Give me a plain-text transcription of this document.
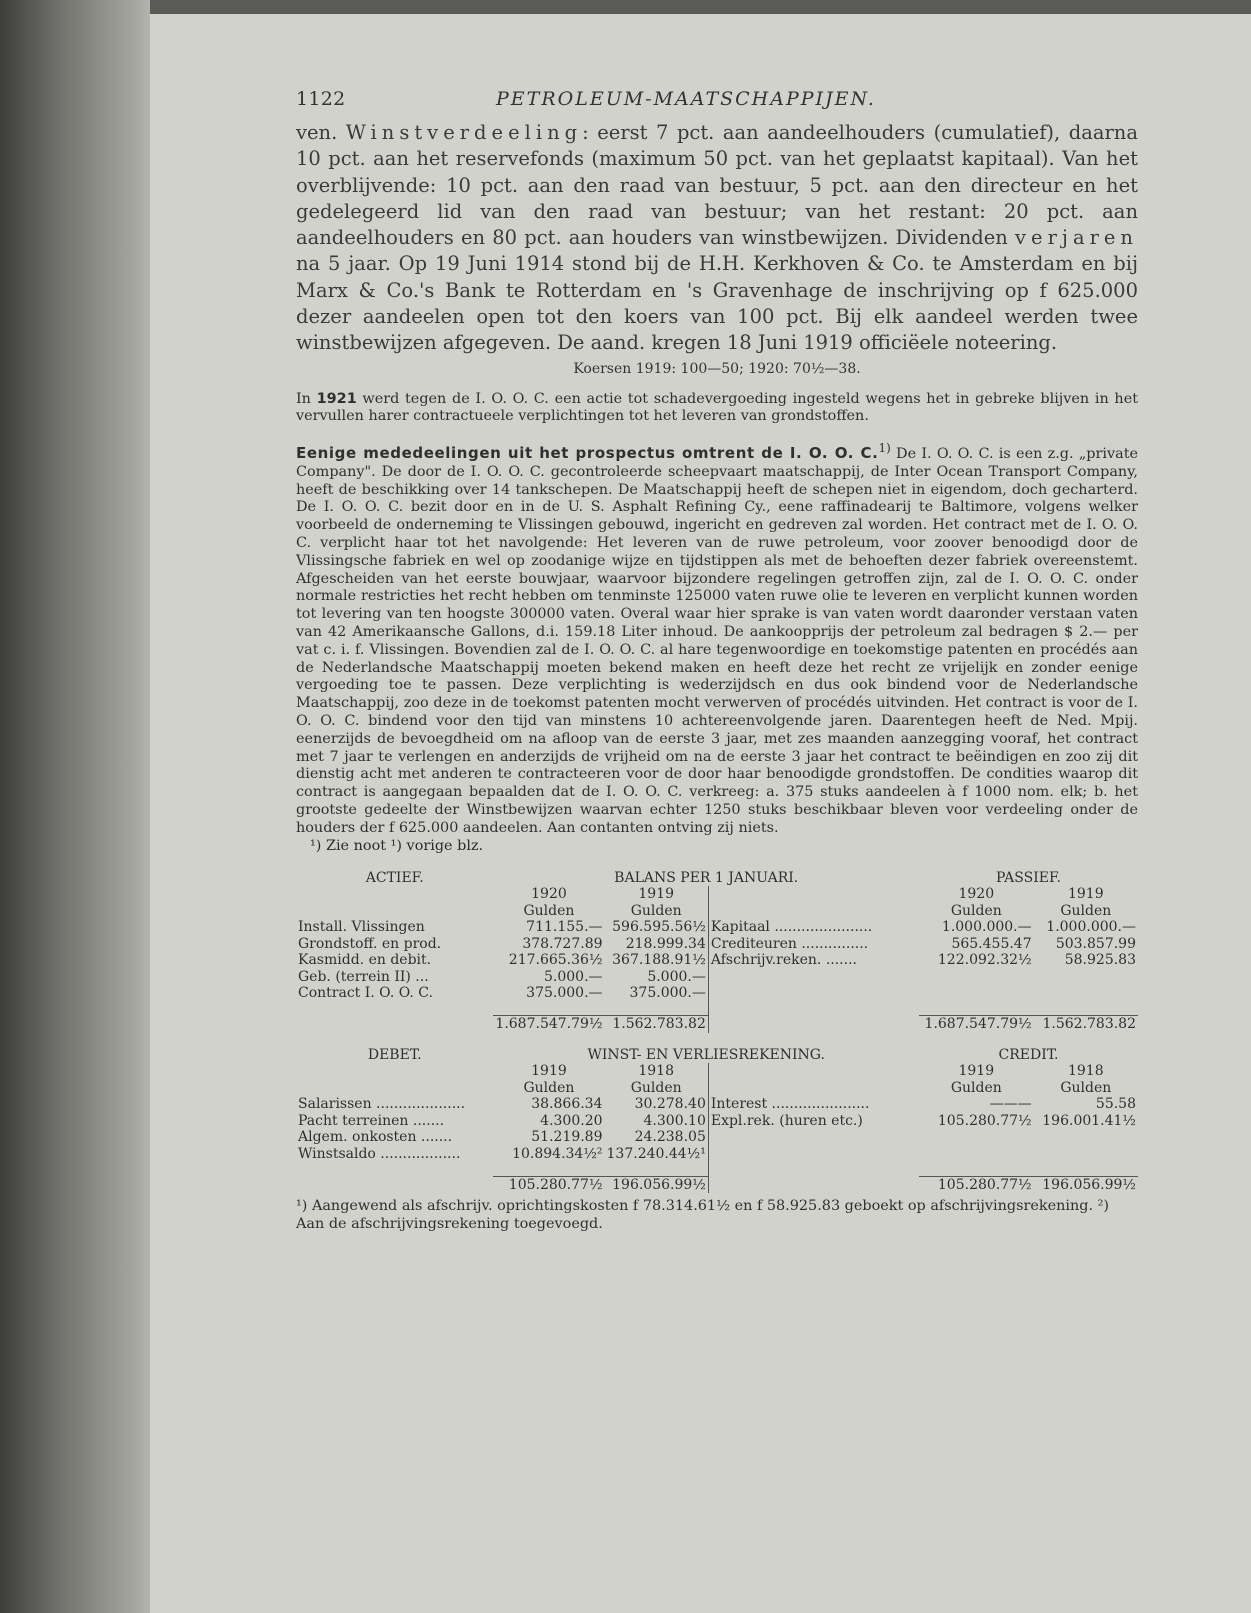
1122	PETROLEUM-MAATSCHAPPIJEN.

ven. Winstverdeeling: eerst 7 pct. aan aandeelhouders (cumulatief), daarna 10 pct. aan het reservefonds (maximum 50 pct. van het geplaatst kapitaal). Van het overblijvende: 10 pct. aan den raad van bestuur, 5 pct. aan den directeur en het gedelegeerd lid van den raad van bestuur; van het restant: 20 pct. aan aandeelhouders en 80 pct. aan houders van winstbewijzen. Dividenden verjaren na 5 jaar. Op 19 Juni 1914 stond bij de H.H. Kerkhoven & Co. te Amsterdam en bij Marx & Co.'s Bank te Rotterdam en 's Gravenhage de inschrijving op f 625.000 dezer aandeelen open tot den koers van 100 pct. Bij elk aandeel werden twee winstbewijzen afgegeven. De aand. kregen 18 Juni 1919 officiëele noteering.

Koersen 1919: 100—50; 1920: 70½—38.

In 1921 werd tegen de I. O. O. C. een actie tot schadevergoeding ingesteld wegens het in gebreke blijven in het vervullen harer contractueele verplichtingen tot het leveren van grondstoffen.

Eenige mededeelingen uit het prospectus omtrent de I. O. O. C.$^{1)}$ De I. O. O. C. is een z.g. „private Company". De door de I. O. O. C. gecontroleerde scheepvaart maatschappij, de Inter Ocean Transport Company, heeft de beschikking over 14 tankschepen. De Maatschappij heeft de schepen niet in eigendom, doch gecharterd. De I. O. O. C. bezit door en in de U. S. Asphalt Refining Cy., eene raffinadearij te Baltimore, volgens welker voorbeeld de onderneming te Vlissingen gebouwd, ingericht en gedreven zal worden. Het contract met de I. O. O. C. verplicht haar tot het navolgende: Het leveren van de ruwe petroleum, voor zoover benoodigd door de Vlissingsche fabriek en wel op zoodanige wijze en tijdstippen als met de behoeften dezer fabriek overeenstemt. Afgescheiden van het eerste bouwjaar, waarvoor bijzondere regelingen getroffen zijn, zal de I. O. O. C. onder normale restricties het recht hebben om tenminste 125000 vaten ruwe olie te leveren en verplicht kunnen worden tot levering van ten hoogste 300000 vaten. Overal waar hier sprake is van vaten wordt daaronder verstaan vaten van 42 Amerikaansche Gallons, d.i. 159.18 Liter inhoud. De aankoopprijs der petroleum zal bedragen $ 2.— per vat c. i. f. Vlissingen. Bovendien zal de I. O. O. C. al hare tegenwoordige en toekomstige patenten en procédés aan de Nederlandsche Maatschappij moeten bekend maken en heeft deze het recht ze vrijelijk en zonder eenige vergoeding toe te passen. Deze verplichting is wederzijdsch en dus ook bindend voor de Nederlandsche Maatschappij, zoo deze in de toekomst patenten mocht verwerven of procédés uitvinden. Het contract is voor de I. O. O. C. bindend voor den tijd van minstens 10 achtereenvolgende jaren. Daarentegen heeft de Ned. Mpij. eenerzijds de bevoegdheid om na afloop van de eerste 3 jaar, met zes maanden aanzegging vooraf, het contract met 7 jaar te verlengen en anderzijds de vrijheid om na de eerste 3 jaar het contract te beëindigen en zoo zij dit dienstig acht met anderen te contracteeren voor de door haar benoodigde grondstoffen. De condities waarop dit contract is aangegaan bepaalden dat de I. O. O. C. verkreeg: a. 375 stuks aandeelen à f 1000 nom. elk; b. het grootste gedeelte der Winstbewijzen waarvan echter 1250 stuks beschikbaar bleven voor verdeeling onder de houders der f 625.000 aandeelen. Aan contanten ontving zij niets.

¹) Zie noot ¹) vorige blz.

ACTIEF.	BALANS PER 1 JANUARI.			PASSIEF.	
	1920	1919		1920	1919
	Gulden	Gulden		Gulden	Gulden
Install. Vlissingen	711.155.—	596.595.56½	Kapitaal ......................	1.000.000.—	1.000.000.—
Grondstoff. en prod.	378.727.89	218.999.34	Crediteuren ...............	565.455.47	503.857.99
Kasmidd. en debit.	217.665.36½	367.188.91½	Afschrijv.reken. .......	122.092.32½	58.925.83
Geb. (terrein II) ...	5.000.—	5.000.—			
Contract I. O. O. C.	375.000.—	375.000.—			

	1.687.547.79½	1.562.783.82		1.687.547.79½	1.562.783.82

DEBET.	WINST- EN VERLIESREKENING.			CREDIT.	
	1919	1918		1919	1918
	Gulden	Gulden		Gulden	Gulden
Salarissen ....................	38.866.34	30.278.40	Interest ......................	———	55.58
Pacht terreinen .......	4.300.20	4.300.10	Expl.rek. (huren etc.)	105.280.77½	196.001.41½
Algem. onkosten .......	51.219.89	24.238.05			
Winstsaldo ..................	10.894.34½²	137.240.44½¹			

	105.280.77½	196.056.99½		105.280.77½	196.056.99½

¹) Aangewend als afschrijv. oprichtingskosten f 78.314.61½ en f 58.925.83 geboekt op afschrijvingsrekening. ²) Aan de afschrijvingsrekening toegevoegd.
